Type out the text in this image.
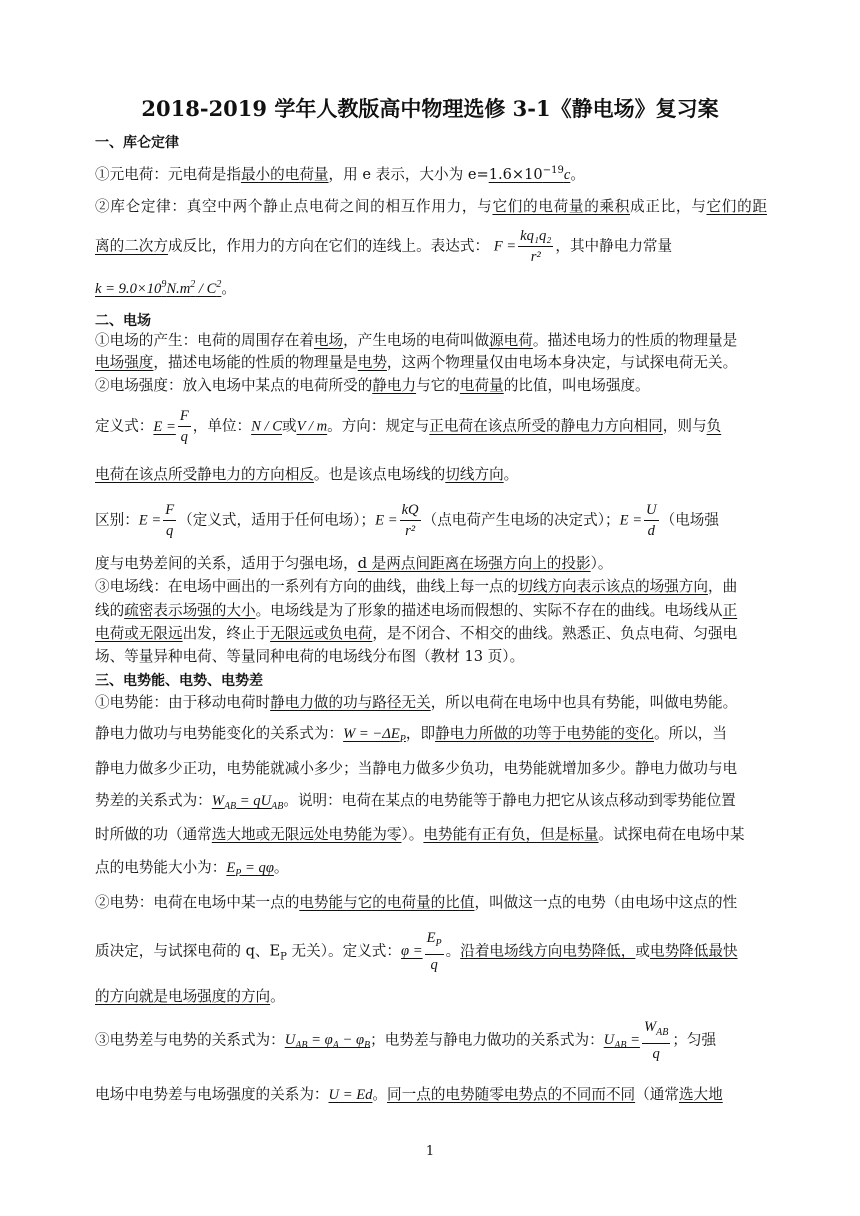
2018-2019 学年人教版高中物理选修 3-1《静电场》复习案
一、库仑定律
①元电荷：元电荷是指最小的电荷量，用 e 表示，大小为 $e=1.6\times 10^{-19}c$。
②库仑定律：真空中两个静止点电荷之间的相互作用力，与它们的电荷量的乘积成正比，与它们的距
离的二次方成反比，作用力的方向在它们的连线上。表达式： $F = \frac{\text{kq₁q₂}}{\text{r²}}$ ，其中静电力常量
$k = 9.0\times 10^9N.m^2 / C^2$。
二、电场
①电场的产生：电荷的周围存在着电场，产生电场的电荷叫做源电荷。描述电场力的性质的物理量是
电场强度，描述电场能的性质的物理量是电势，这两个物理量仅由电场本身决定，与试探电荷无关。
②电场强度：放入电场中某点的电荷所受的静电力与它的电荷量的比值，叫电场强度。
定义式：$E = \frac{F}{q}$ ，单位：N / C或V / m。方向：规定与正电荷在该点所受的静电力方向相同，则与负
电荷在该点所受静电力的方向相反。也是该点电场线的切线方向。
区别：$E = \frac{F}{q}$ （定义式，适用于任何电场）；$E = \frac{kQ}{\text{r²}}$ （点电荷产生电场的决定式）；$E = \frac{U}{d}$ （电场强
度与电势差间的关系，适用于匀强电场，d 是两点间距离在场强方向上的投影）。
③电场线：在电场中画出的一系列有方向的曲线，曲线上每一点的切线方向表示该点的场强方向，曲
线的疏密表示场强的大小。电场线是为了形象的描述电场而假想的、实际不存在的曲线。电场线从正
电荷或无限远出发，终止于无限远或负电荷，是不闭合、不相交的曲线。熟悉正、负点电荷、匀强电
场、等量异种电荷、等量同种电荷的电场线分布图（教材 13 页）。
三、电势能、电势、电势差
①电势能：由于移动电荷时静电力做的功与路径无关，所以电荷在电场中也具有势能，叫做电势能。
静电力做功与电势能变化的关系式为：$W = -\Delta E_P$，即静电力所做的功等于电势能的变化。所以，当
静电力做多少正功，电势能就减小多少；当静电力做多少负功，电势能就增加多少。静电力做功与电
势差的关系式为：$W_{AB} = qU_{AB}$。说明：电荷在某点的电势能等于静电力把它从该点移动到零势能位置
时所做的功（通常选大地或无限远处电势能为零）。电势能有正有负，但是标量。试探电荷在电场中某
点的电势能大小为：$E_P = q\varphi$。
②电势：电荷在电场中某一点的电势能与它的电荷量的比值，叫做这一点的电势（由电场中这点的性
质决定，与试探电荷的 q、$E_P$ 无关）。定义式：$\varphi = \frac{E_P}{q}$ 。沿着电场线方向电势降低，或电势降低最快
的方向就是电场强度的方向。
③电势差与电势的关系式为：$U_{AB} = \varphi_A - \varphi_B$；电势差与静电力做功的关系式为：$U_{AB} = \frac{W_{AB}}{q}$ ；匀强
电场中电势差与电场强度的关系为：U = Ed。同一点的电势随零电势点的不同而不同（通常选大地
1
